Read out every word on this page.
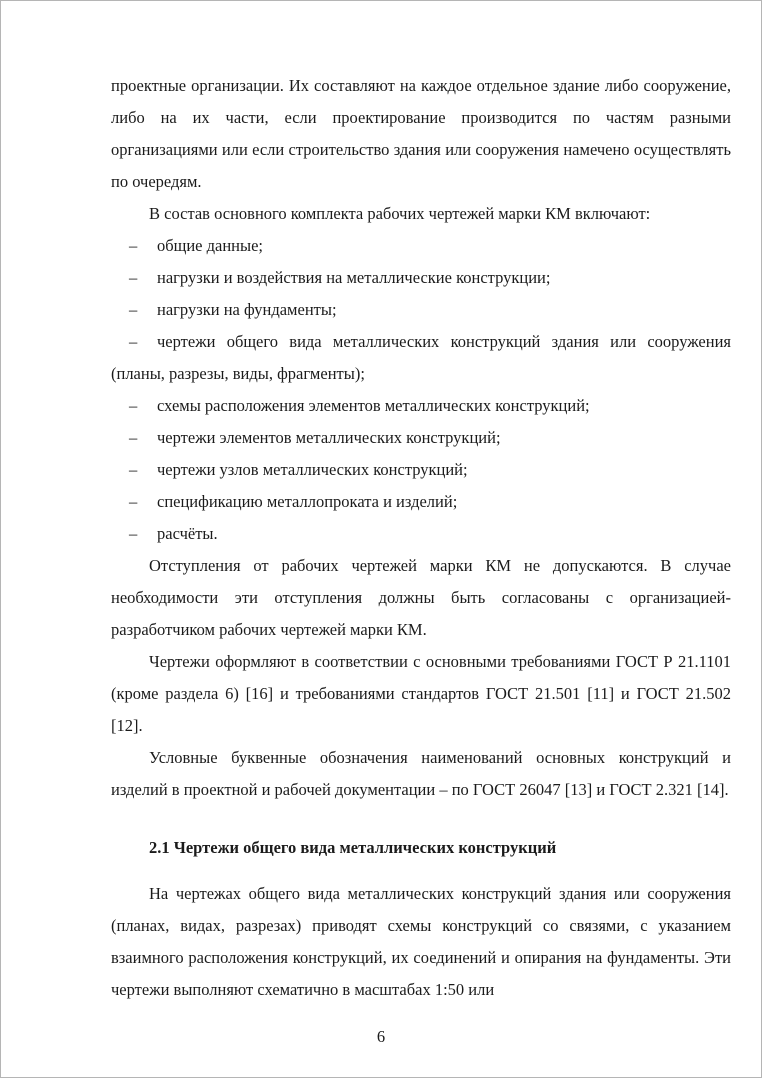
проектные организации. Их составляют на каждое отдельное здание либо сооружение, либо на их части, если проектирование производится по частям разными организациями или если строительство здания или сооружения намечено осуществлять по очередям.

В состав основного комплекта рабочих чертежей марки КМ включают:

– общие данные;
– нагрузки и воздействия на металлические конструкции;
– нагрузки на фундаменты;
– чертежи общего вида металлических конструкций здания или сооружения (планы, разрезы, виды, фрагменты);
– схемы расположения элементов металлических конструкций;
– чертежи элементов металлических конструкций;
– чертежи узлов металлических конструкций;
– спецификацию металлопроката и изделий;
– расчёты.

Отступления от рабочих чертежей марки КМ не допускаются. В случае необходимости эти отступления должны быть согласованы с организацией-разработчиком рабочих чертежей марки КМ.

Чертежи оформляют в соответствии с основными требованиями ГОСТ Р 21.1101 (кроме раздела 6) [16] и требованиями стандартов ГОСТ 21.501 [11] и ГОСТ 21.502 [12].

Условные буквенные обозначения наименований основных конструкций и изделий в проектной и рабочей документации – по ГОСТ 26047 [13] и ГОСТ 2.321 [14].

2.1 Чертежи общего вида металлических конструкций

На чертежах общего вида металлических конструкций здания или сооружения (планах, видах, разрезах) приводят схемы конструкций со связями, с указанием взаимного расположения конструкций, их соединений и опирания на фундаменты. Эти чертежи выполняют схематично в масштабах 1:50 или

6
